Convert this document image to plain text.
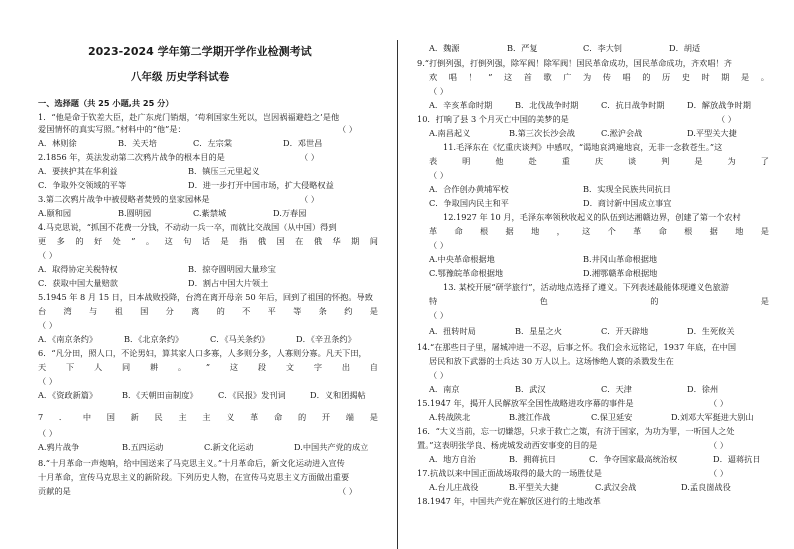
2023-2024 学年第二学期开学作业检测考试
八年级 历史学科试卷
一、选择题（共 25 小题,共 25 分）
1．“他是命于钦差大臣，赴广东虎门销烟，‘苟利国家生死以，岂因祸福避趋之’是他
爱国情怀的真实写照。”材料中的“他”是：	（ ）
A．林则徐	B．关天培	C．左宗棠	D．邓世昌
2.1856 年，英法发动第二次鸦片战争的根本目的是	（ ）
A．要挟护其在华利益	B．镇压三元里起义
C．争取外交领域的平等	D．进一步打开中国市场，扩大侵略权益
3.第二次鸦片战争中被侵略者焚毁的皇家园林是	（ ）
A.颐和园	B.圆明园	C.紫禁城	D.万春园
4.马克思说，“抓国不花费一分钱，不动动一兵一卒，而就比交战国（从中国）得到
更 多 的 好 处 ” 。 这 句 话 是 指 俄 国 在 俄 华 期 间
（ ）
A．取得协定关税特权	B．掠夺圆明园大量珍宝
C．获取中国大量赔款	D．割占中国大片领土
5.1945 年 8 月 15 日，日本战败投降，台湾在离开母亲 50 年后，回到了祖国的怀抱。导致
台 湾 与 祖 国 分 离 的 不 平 等 条 约 是
（ ）
A．《南京条约》	B．《北京条约》	C．《马关条约》	D．《辛丑条约》
6．“凡分田，照人口，不论男妇，算其家人口多寡，人多则分多，人寡则分寡。凡天下田，
天 下 人 同 耕 。 ” 这 段 文 字 出 自
（ ）
A．《资政新篇》	B．《天朝田亩制度》	C．《民报》发刊词	D．义和团揭帖
7 ． 中 国 新 民 主 主 义 革 命 的 开 端 是
（ ）
A.鸦片战争	B.五四运动	C.新文化运动	D.中国共产党的成立
8.“十月革命一声炮响，给中国送来了马克思主义。”十月革命后，新文化运动进入宣传
十月革命，宣传马克思主义的新阶段。下列历史人物，在宣传马克思主义方面做出重要
贡献的是	（ ）
A．魏源	B．严复	C．李大钊	D．胡适
9.“打倒列强，打倒列强，除军阀！除军阀！国民革命成功，国民革命成功，齐欢唱！齐
欢 唱 ！ ” 这 首 歌 广 为 传 唱 的 历 史 时 期 是 。
（ ）
A．辛亥革命时期	B．北伐战争时期	C．抗日战争时期	D．解放战争时期
10．打响了县 3 个月灭亡中国的美梦的是	（ ）
A.南昌起义	B.第三次长沙会战	C.淞沪会战	D.平型关大捷
11.毛泽东在《忆重庆谈判》中感叹，“谒地哀鸿遍地哀，无非一念救苍生。”这
表	明	他	赴	重	庆	谈	判	是	为	了
（ ）
A．合作创办黄埔军校	B．实现全民族共同抗日
C．争取国内民主和平	D．商讨新中国成立事宜
12.1927 年 10 月，毛泽东率领秋收起义的队伍到达湘赣边界，创建了第一个农村
革 命 根 据 地 ， 这 个 革 命 根 据 地 是
（ ）
A.中央革命根据地	B.井冈山革命根据地
C.鄂豫皖革命根据地	D.湘鄂赣革命根据地
13. 某校开展“研学旅行”，活动地点选择了遵义。下列表述最能体现遵义色旅游
特	色	的	是
（ ）
A．扭转时局	B．星星之火	C．开天辟地	D．生死攸关
14.“在那些日子里，屠城冲进一不忍，后事之怀。我们会永远铭记，1937 年底，在中国
居民和放下武器的士兵达 30 万人以上。这场惨绝人寰的杀戮发生在
（ ）
A．南京	B．武汉	C．天津	D．徐州
15.1947 年，揭开人民解放军全国性战略进攻序幕的事件是	（ ）
A.转战陕北	B.渡江作战	C.保卫延安	D.刘邓大军挺进大别山
16．“大义当前，忘一切嫌怨，只求于救亡之策，有济于国家，为功为罪，一听国人之处
置。”这表明张学良、杨虎城发动西安事变的目的是	（ ）
A．地方自治	B．拥蒋抗日	C．争夺国家最高统治权	D．逼蒋抗日
17.抗战以来中国正面战场取得的最大的一场胜仗是	（ ）
A.台儿庄战役	B.平型关大捷	C.武汉会战	D.孟良崮战役
18.1947 年，中国共产党在解放区进行的土地改革
